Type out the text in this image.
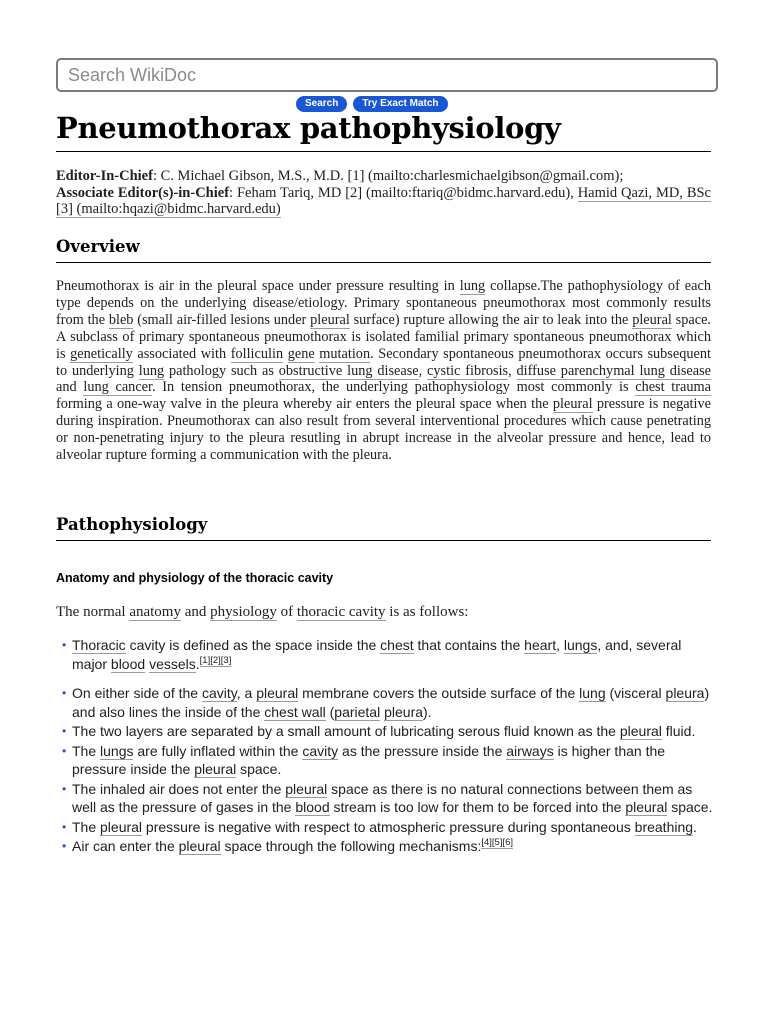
Search WikiDoc
Search	Try Exact Match
Pneumothorax pathophysiology
Editor-In-Chief: C. Michael Gibson, M.S., M.D. [1] (mailto:charlesmichaelgibson@gmail.com);
Associate Editor(s)-in-Chief: Feham Tariq, MD [2] (mailto:ftariq@bidmc.harvard.edu), Hamid Qazi, MD, BSc [3] (mailto:hqazi@bidmc.harvard.edu)
Overview
Pneumothorax is air in the pleural space under pressure resulting in lung collapse.The pathophysiology of each type depends on the underlying disease/etiology. Primary spontaneous pneumothorax most commonly results from the bleb (small air-filled lesions under pleural surface) rupture allowing the air to leak into the pleural space. A subclass of primary spontaneous pneumothorax is isolated familial primary spontaneous pneumothorax which is genetically associated with folliculin gene mutation. Secondary spontaneous pneumothorax occurs subsequent to underlying lung pathology such as obstructive lung disease, cystic fibrosis, diffuse parenchymal lung disease and lung cancer. In tension pneumothorax, the underlying pathophysiology most commonly is chest trauma forming a one-way valve in the pleura whereby air enters the pleural space when the pleural pressure is negative during inspiration. Pneumothorax can also result from several interventional procedures which cause penetrating or non-penetrating injury to the pleura resutling in abrupt increase in the alveolar pressure and hence, lead to alveolar rupture forming a communication with the pleura.
Pathophysiology
Anatomy and physiology of the thoracic cavity
The normal anatomy and physiology of thoracic cavity is as follows:
• Thoracic cavity is defined as the space inside the chest that contains the heart, lungs, and, several major blood vessels.[1][2][3]
• On either side of the cavity, a pleural membrane covers the outside surface of the lung (visceral pleura) and also lines the inside of the chest wall (parietal pleura).
• The two layers are separated by a small amount of lubricating serous fluid known as the pleural fluid.
• The lungs are fully inflated within the cavity as the pressure inside the airways is higher than the pressure inside the pleural space.
• The inhaled air does not enter the pleural space as there is no natural connections between them as well as the pressure of gases in the blood stream is too low for them to be forced into the pleural space.
• The pleural pressure is negative with respect to atmospheric pressure during spontaneous breathing.
• Air can enter the pleural space through the following mechanisms:[4][5][6]
